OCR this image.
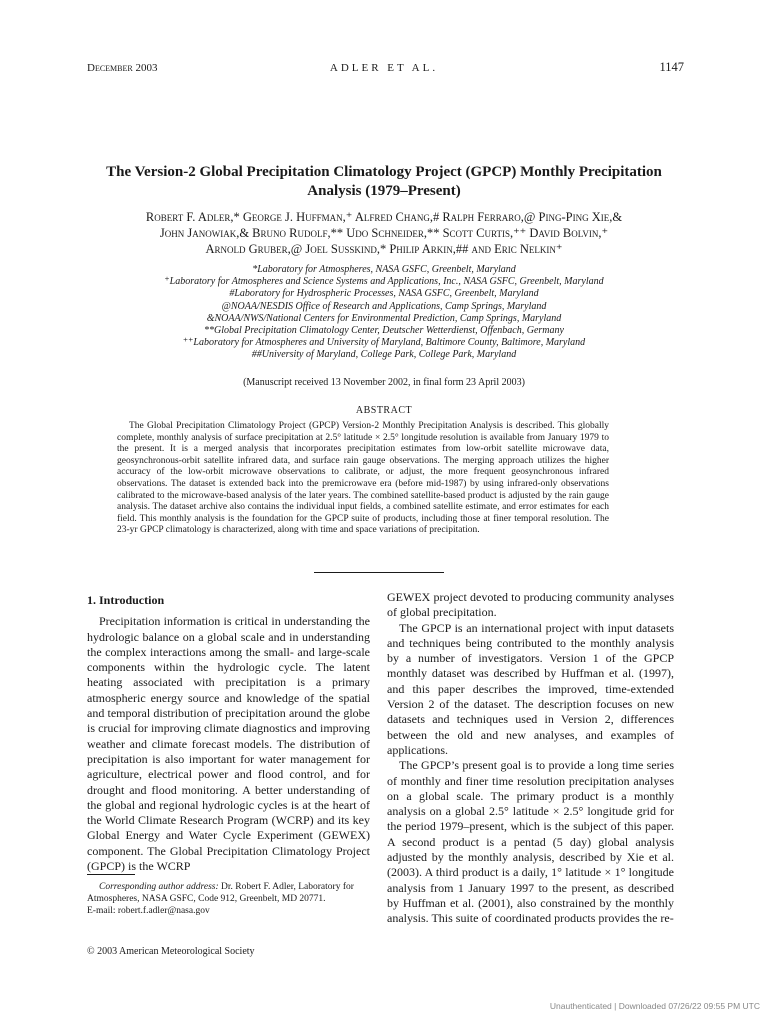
December 2003	ADLER ET AL.	1147
The Version-2 Global Precipitation Climatology Project (GPCP) Monthly Precipitation
Analysis (1979–Present)
Robert F. Adler,* George J. Huffman,⁺ Alfred Chang,# Ralph Ferraro,@ Ping-Ping Xie,&
John Janowiak,& Bruno Rudolf,** Udo Schneider,** Scott Curtis,⁺⁺ David Bolvin,⁺
Arnold Gruber,@ Joel Susskind,* Philip Arkin,## and Eric Nelkin⁺
*Laboratory for Atmospheres, NASA GSFC, Greenbelt, Maryland
⁺Laboratory for Atmospheres and Science Systems and Applications, Inc., NASA GSFC, Greenbelt, Maryland
#Laboratory for Hydrospheric Processes, NASA GSFC, Greenbelt, Maryland
@NOAA/NESDIS Office of Research and Applications, Camp Springs, Maryland
&NOAA/NWS/National Centers for Environmental Prediction, Camp Springs, Maryland
**Global Precipitation Climatology Center, Deutscher Wetterdienst, Offenbach, Germany
⁺⁺Laboratory for Atmospheres and University of Maryland, Baltimore County, Baltimore, Maryland
##University of Maryland, College Park, College Park, Maryland
(Manuscript received 13 November 2002, in final form 23 April 2003)
ABSTRACT
The Global Precipitation Climatology Project (GPCP) Version-2 Monthly Precipitation Analysis is described. This globally complete, monthly analysis of surface precipitation at 2.5° latitude × 2.5° longitude resolution is available from January 1979 to the present. It is a merged analysis that incorporates precipitation estimates from low-orbit satellite microwave data, geosynchronous-orbit satellite infrared data, and surface rain gauge observations. The merging approach utilizes the higher accuracy of the low-orbit microwave observations to calibrate, or adjust, the more frequent geosynchronous infrared observations. The dataset is extended back into the premicrowave era (before mid-1987) by using infrared-only observations calibrated to the microwave-based analysis of the later years. The combined satellite-based product is adjusted by the rain gauge analysis. The dataset archive also contains the individual input fields, a combined satellite estimate, and error estimates for each field. This monthly analysis is the foundation for the GPCP suite of products, including those at finer temporal resolution. The 23-yr GPCP climatology is characterized, along with time and space variations of precipitation.

1. Introduction

Precipitation information is critical in understanding the hydrologic balance on a global scale and in understanding the complex interactions among the small- and large-scale components within the hydrologic cycle. The latent heating associated with precipitation is a primary atmospheric energy source and knowledge of the spatial and temporal distribution of precipitation around the globe is crucial for improving climate diagnostics and improving weather and climate forecast models. The distribution of precipitation is also important for water management for agriculture, electrical power and flood control, and for drought and flood monitoring. A better understanding of the global and regional hydrologic cycles is at the heart of the World Climate Research Program (WCRP) and its key Global Energy and Water Cycle Experiment (GEWEX) component. The Global Precipitation Climatology Project (GPCP) is the WCRP

GEWEX project devoted to producing community analyses of global precipitation.

The GPCP is an international project with input datasets and techniques being contributed to the monthly analysis by a number of investigators. Version 1 of the GPCP monthly dataset was described by Huffman et al. (1997), and this paper describes the improved, time-extended Version 2 of the dataset. The description focuses on new datasets and techniques used in Version 2, differences between the old and new analyses, and examples of applications.

The GPCP’s present goal is to provide a long time series of monthly and finer time resolution precipitation analyses on a global scale. The primary product is a monthly analysis on a global 2.5° latitude × 2.5° longitude grid for the period 1979–present, which is the subject of this paper. A second product is a pentad (5 day) global analysis adjusted by the monthly analysis, described by Xie et al. (2003). A third product is a daily, 1° latitude × 1° longitude analysis from 1 January 1997 to the present, as described by Huffman et al. (2001), also constrained by the monthly analysis. This suite of coordinated products provides the re-

Corresponding author address: Dr. Robert F. Adler, Laboratory for Atmospheres, NASA GSFC, Code 912, Greenbelt, MD 20771.
E-mail: robert.f.adler@nasa.gov
© 2003 American Meteorological Society
Unauthenticated | Downloaded 07/26/22 09:55 PM UTC
